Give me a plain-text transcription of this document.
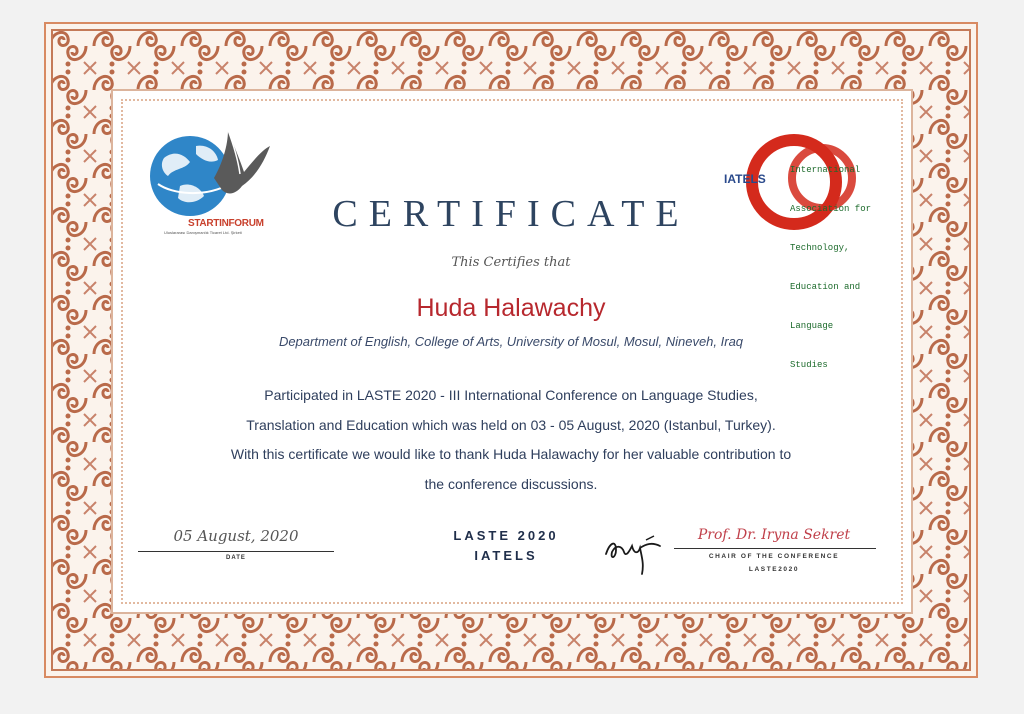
STARTINFORUM
Uluslararası Danışmanlık Ticaret Ltd. Şirketi
IATELS

International

Association for

Technology,

Education and

Language

Studies

CERTIFICATE
This Certifies that
Huda Halawachy
Department of English, College of Arts, University of Mosul, Mosul, Nineveh, Iraq
Participated in LASTE 2020 - III International Conference on Language Studies,
Translation and Education which was held on 03 - 05 August, 2020 (Istanbul, Turkey).
With this certificate we would like to thank Huda Halawachy for her valuable contribution to
the conference discussions.
05 August, 2020
DATE
LASTE 2020
IATELS
Prof. Dr. Iryna Sekret
CHAIR OF THE CONFERENCE
LASTE2020
